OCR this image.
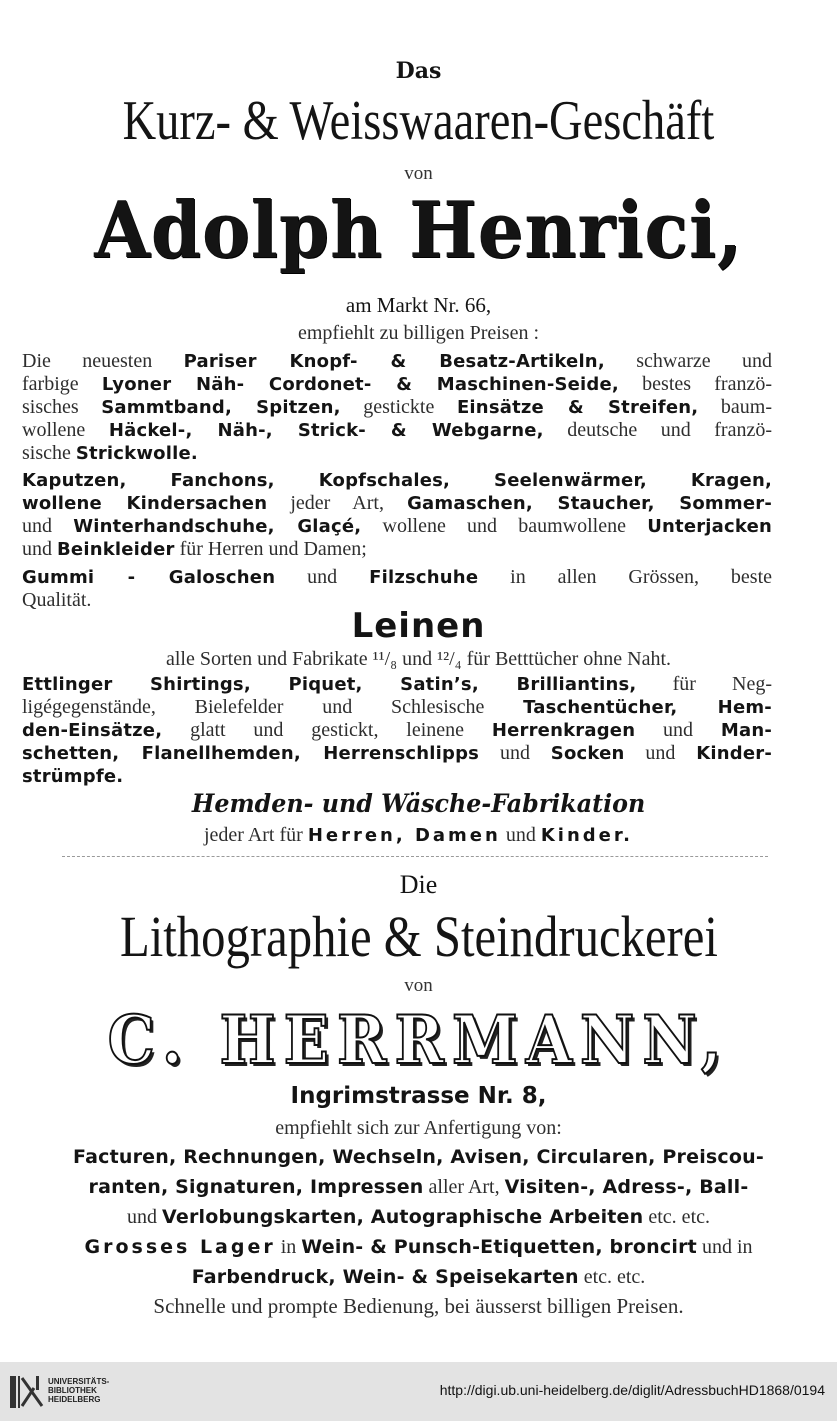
Das
Kurz- & Weisswaaren-Geschäft
von
Adolph Henrici,
am Markt Nr. 66,
empfiehlt zu billigen Preisen :
Die neuesten Pariser Knopf- & Besatz-Artikeln, schwarze und
farbige Lyoner Näh- Cordonet- & Maschinen-Seide, bestes franzö-
sisches Sammtband, Spitzen, gestickte Einsätze & Streifen, baum-
wollene Häckel-, Näh-, Strick- & Webgarne, deutsche und franzö-
sische Strickwolle.
Kaputzen, Fanchons, Kopfschales, Seelenwärmer, Kragen,
wollene Kindersachen jeder Art, Gamaschen, Staucher, Sommer-
und Winterhandschuhe, Glaçé, wollene und baumwollene Unterjacken
und Beinkleider für Herren und Damen;
Gummi - Galoschen und Filzschuhe in allen Grössen, beste
Qualität.
Leinen
alle Sorten und Fabrikate ¹¹/₈ und ¹²/₄ für Betttücher ohne Naht.
Ettlinger Shirtings, Piquet, Satin’s, Brilliantins, für Neg-
ligégegenstände, Bielefelder und Schlesische Taschentücher, Hem-
den-Einsätze, glatt und gestickt, leinene Herrenkragen und Man-
schetten, Flanellhemden, Herrenschlipps und Socken und Kinder-
strümpfe.
Hemden- und Wäsche-Fabrikation
jeder Art für Herren, Damen und Kinder.
Die
Lithographie & Steindruckerei
von
C. HERRMANN,
Ingrimstrasse Nr. 8,
empfiehlt sich zur Anfertigung von:
Facturen, Rechnungen, Wechseln, Avisen, Circularen, Preiscou-
ranten, Signaturen, Impressen aller Art, Visiten-, Adress-, Ball-
und Verlobungskarten, Autographische Arbeiten etc. etc.
Grosses Lager in Wein- & Punsch-Etiquetten, broncirt und in
Farbendruck, Wein- & Speisekarten etc. etc.
Schnelle und prompte Bedienung, bei äusserst billigen Preisen.
UNIVERSITÄTS-
BIBLIOTHEK
HEIDELBERG
http://digi.ub.uni-heidelberg.de/diglit/AdressbuchHD1868/0194
